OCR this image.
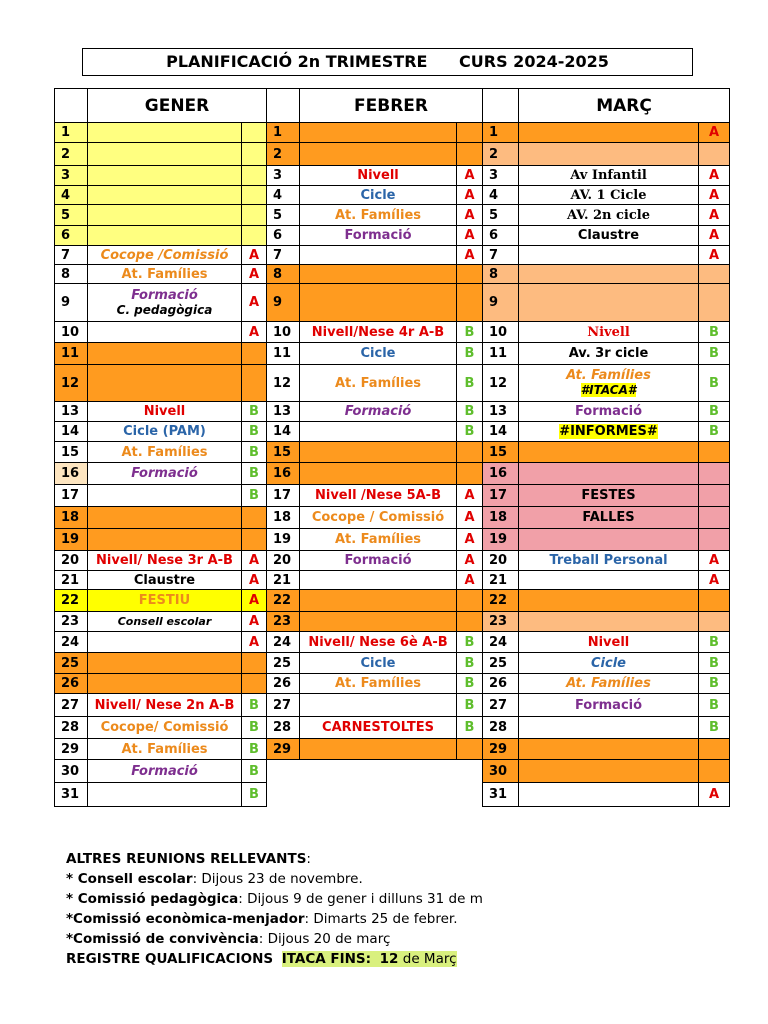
PLANIFICACIÓ 2n TRIMESTRE CURS 2024-2025
	GENER	
1		
2		
3		
4		
5		
6		
7	Cocope /Comissió	A
8	At. Famílies	A
9	Formació
C. pedagògica	A
10		A
11		
12		
13	Nivell	B
14	Cicle (PAM)	B
15	At. Famílies	B
16	Formació	B
17		B
18		
19		
20	Nivell/ Nese 3r A-B	A
21	Claustre	A
22	FESTIU	A
23	Consell escolar	A
24		A
25		
26		
27	Nivell/ Nese 2n A-B	B
28	Cocope/ Comissió	B
29	At. Famílies	B
30	Formació	B
31		B
	FEBRER	
1		
2		
3	Nivell	A
4	Cicle	A
5	At. Famílies	A
6	Formació	A
7		A
8		
9		
10	Nivell/Nese 4r A-B	B
11	Cicle	B
12	At. Famílies	B
13	Formació	B
14		B
15		
16		
17	Nivell /Nese 5A-B	A
18	Cocope / Comissió	A
19	At. Famílies	A
20	Formació	A
21		A
22		
23		
24	Nivell/ Nese 6è A-B	B
25	Cicle	B
26	At. Famílies	B
27		B
28	CARNESTOLTES	B
29		
	MARÇ	
1		A
2		
3	Av Infantil	A
4	AV. 1 Cicle	A
5	AV. 2n cicle	A
6	Claustre	A
7		A
8		
9		
10	Nivell	B
11	Av. 3r cicle	B
12	At. Famílies
#ITACA#	B
13	Formació	B
14	#INFORMES#	B
15		
16		
17	FESTES	
18	FALLES	
19		
20	Treball Personal	A
21		A
22		
23		
24	Nivell	B
25	Cicle	B
26	At. Famílies	B
27	Formació	B
28		B
29		
30		
31		A
ALTRES REUNIONS RELLEVANTS:
* Consell escolar: Dijous 23 de novembre.
* Comissió pedagògica: Dijous 9 de gener i dilluns 31 de m
*Comissió econòmica-menjador: Dimarts 25 de febrer.
*Comissió de convivència: Dijous 20 de març
REGISTRE QUALIFICACIONS ITACA FINS: 12 de Març
